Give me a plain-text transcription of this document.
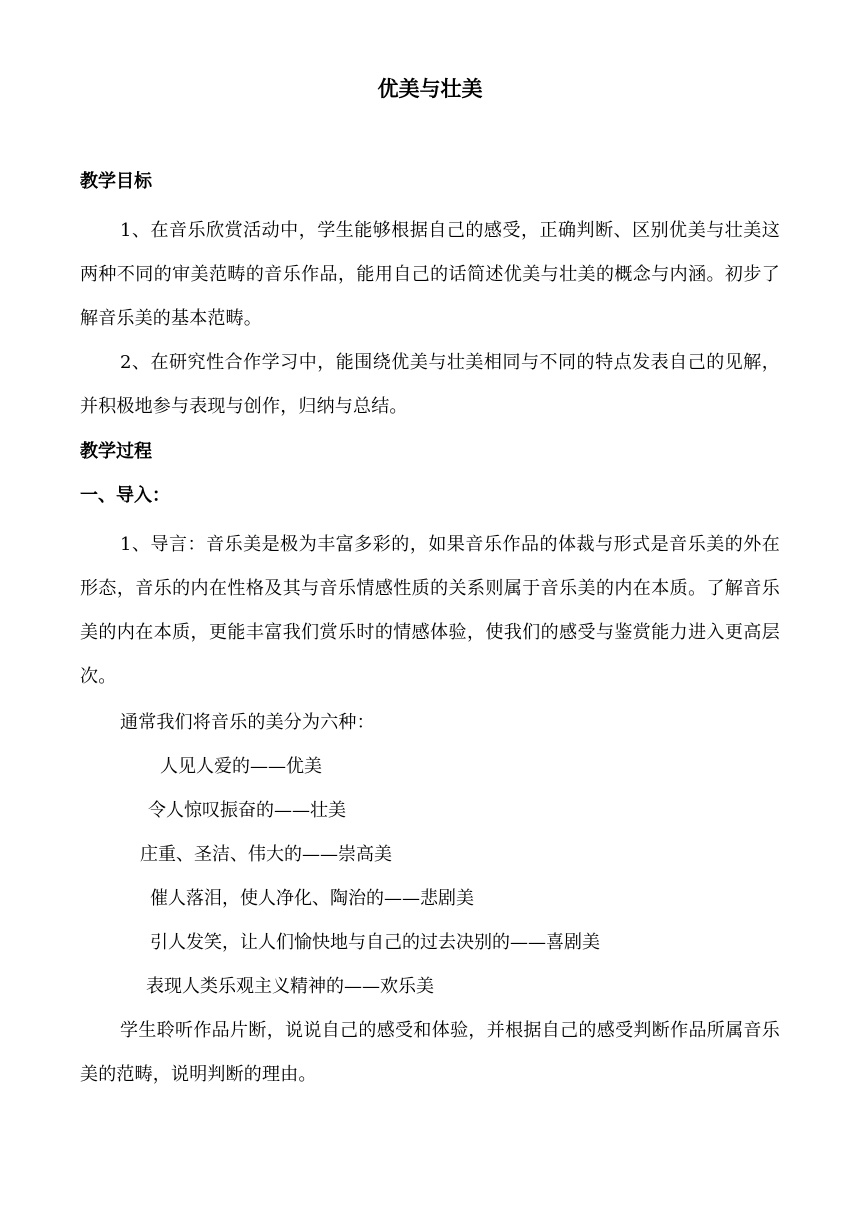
优美与壮美
教学目标

1、在音乐欣赏活动中，学生能够根据自己的感受，正确判断、区别优美与壮美这两种不同的审美范畴的音乐作品，能用自己的话简述优美与壮美的概念与内涵。初步了解音乐美的基本范畴。

2、在研究性合作学习中，能围绕优美与壮美相同与不同的特点发表自己的见解，并积极地参与表现与创作，归纳与总结。

教学过程
一、导入：

1、导言：音乐美是极为丰富多彩的，如果音乐作品的体裁与形式是音乐美的外在形态，音乐的内在性格及其与音乐情感性质的关系则属于音乐美的内在本质。了解音乐美的内在本质，更能丰富我们赏乐时的情感体验，使我们的感受与鉴赏能力进入更高层次。

通常我们将音乐的美分为六种：

人见人爱的——优美

令人惊叹振奋的——壮美

庄重、圣洁、伟大的——崇高美

催人落泪，使人净化、陶治的——悲剧美

引人发笑，让人们愉快地与自己的过去决别的——喜剧美

表现人类乐观主义精神的——欢乐美

学生聆听作品片断，说说自己的感受和体验，并根据自己的感受判断作品所属音乐美的范畴，说明判断的理由。
